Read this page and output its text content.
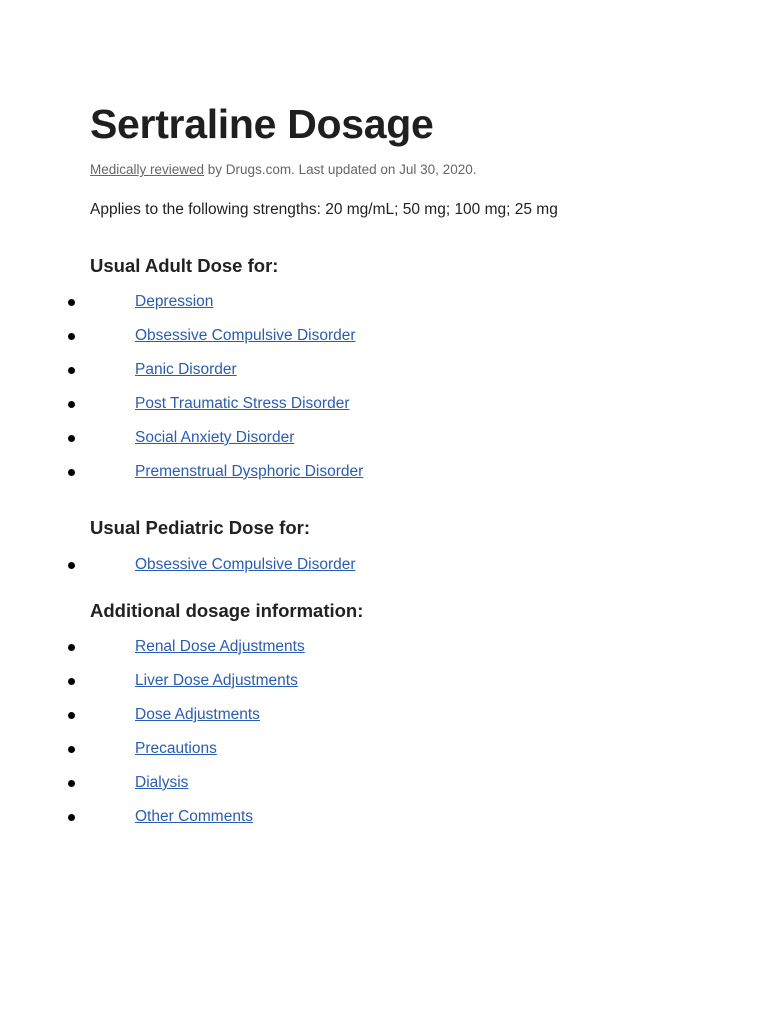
Sertraline Dosage
Medically reviewed by Drugs.com. Last updated on Jul 30, 2020.
Applies to the following strengths: 20 mg/mL; 50 mg; 100 mg; 25 mg
Usual Adult Dose for:
Depression
Obsessive Compulsive Disorder
Panic Disorder
Post Traumatic Stress Disorder
Social Anxiety Disorder
Premenstrual Dysphoric Disorder
Usual Pediatric Dose for:
Obsessive Compulsive Disorder
Additional dosage information:
Renal Dose Adjustments
Liver Dose Adjustments
Dose Adjustments
Precautions
Dialysis
Other Comments
